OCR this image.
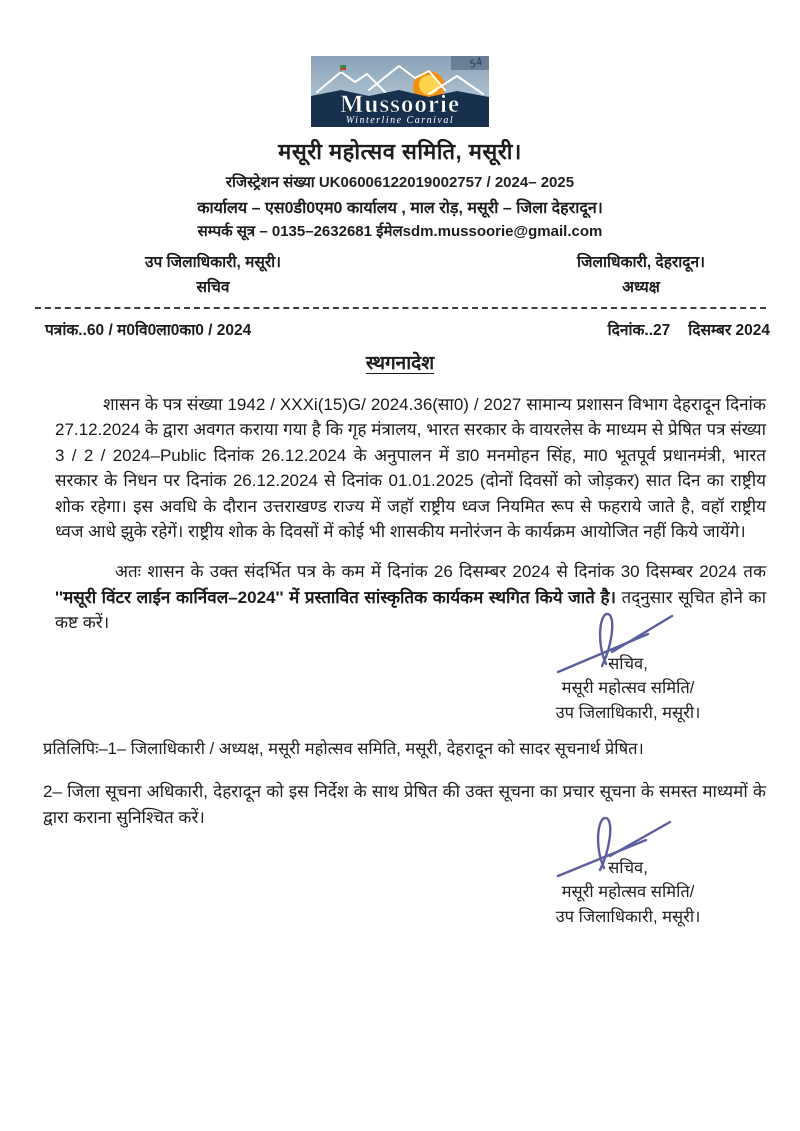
Mussoorie
Winterline Carnival
54
मसूरी महोत्सव समिति, मसूरी।
रजिस्ट्रेशन संख्या UK06006122019002757 / 2024– 2025
कार्यालय – एस0डी0एम0 कार्यालय , माल रोड़, मसूरी – जिला देहरादून।
सम्पर्क सूत्र – 0135–2632681 ईमेलsdm.mussoorie@gmail.com
उप जिलाधिकारी, मसूरी।
सचिव
जिलाधिकारी, देहरादून।
अध्यक्ष
पत्रांक..60 / म0वि0ला0का0 / 2024	दिनांक..27 दिसम्बर 2024
स्थगनादेश

शासन के पत्र संख्या 1942 / XXXi(15)G/ 2024.36(सा0) / 2027 सामान्य प्रशासन विभाग देहरादून दिनांक 27.12.2024 के द्वारा अवगत कराया गया है कि गृह मंत्रालय, भारत सरकार के वायरलेस के माध्यम से प्रेषित पत्र संख्या 3 / 2 / 2024–Public दिनांक 26.12.2024 के अनुपालन में डा0 मनमोहन सिंह, मा0 भूतपूर्व प्रधानमंत्री, भारत सरकार के निधन पर दिनांक 26.12.2024 से दिनांक 01.01.2025 (दोनों दिवसों को जोड़कर) सात दिन का राष्ट्रीय शोक रहेगा। इस अवधि के दौरान उत्तराखण्ड राज्य में जहॉ राष्ट्रीय ध्वज नियमित रूप से फहराये जाते है, वहॉ राष्ट्रीय ध्वज आधे झुके रहेगें। राष्ट्रीय शोक के दिवसों में कोई भी शासकीय मनोरंजन के कार्यक्रम आयोजित नहीं किये जायेंगे।

अतः शासन के उक्त संदर्भित पत्र के कम में दिनांक 26 दिसम्बर 2024 से दिनांक 30 दिसम्बर 2024 तक ''मसूरी विंटर लाईन कार्निवल–2024'' में प्रस्तावित सांस्कृतिक कार्यकम स्थगित किये जाते है। तद्नुसार सूचित होने का कष्ट करें।

सचिव,
मसूरी महोत्सव समिति/
उप जिलाधिकारी, मसूरी।
प्रतिलिपिः–1– जिलाधिकारी / अध्यक्ष, मसूरी महोत्सव समिति, मसूरी, देहरादून को सादर सूचनार्थ प्रेषित।

2– जिला सूचना अधिकारी, देहरादून को इस निर्देश के साथ प्रेषित की उक्त सूचना का प्रचार सूचना के समस्त माध्यमों के द्वारा कराना सुनिश्चित करें।

सचिव,
मसूरी महोत्सव समिति/
उप जिलाधिकारी, मसूरी।
